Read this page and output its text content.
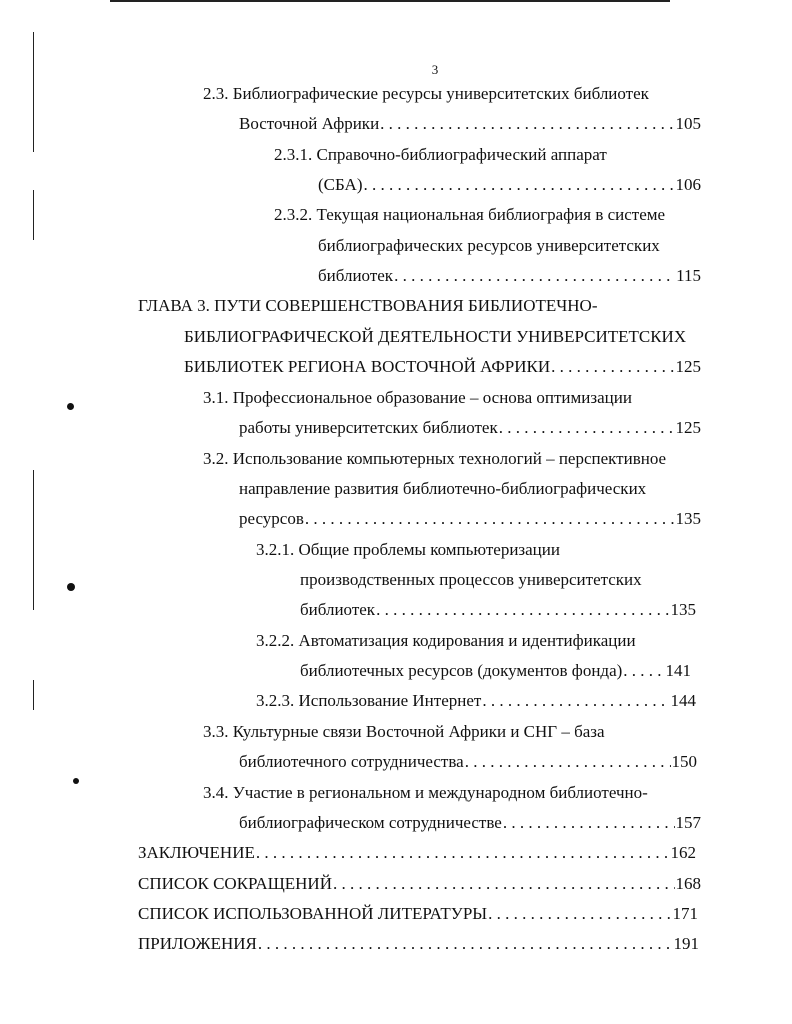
3
2.3. Библиографические ресурсы университетских библиотек
Восточной Африки . . .	105
2.3.1. Справочно-библиографический аппарат
(СБА) . . .	106
2.3.2. Текущая национальная библиография в системе
библиографических ресурсов университетских
библиотек . . .	115
ГЛАВА 3. ПУТИ СОВЕРШЕНСТВОВАНИЯ БИБЛИОТЕЧНО-
БИБЛИОГРАФИЧЕСКОЙ ДЕЯТЕЛЬНОСТИ УНИВЕРСИТЕТСКИХ
БИБЛИОТЕК РЕГИОНА ВОСТОЧНОЙ АФРИКИ . . .	125
3.1. Профессиональное образование – основа оптимизации
работы университетских библиотек . . .	125
3.2. Использование компьютерных технологий – перспективное
направление развития библиотечно-библиографических
ресурсов . . .	135
3.2.1. Общие проблемы компьютеризации
производственных процессов университетских
библиотек . . .	135
3.2.2. Автоматизация кодирования и идентификации
библиотечных ресурсов (документов фонда) . . .	141
3.2.3. Использование Интернет . . .	144
3.3. Культурные связи Восточной Африки и СНГ – база
библиотечного сотрудничества . . .	150
3.4. Участие в региональном и международном библиотечно-
библиографическом сотрудничестве . . .	157
ЗАКЛЮЧЕНИЕ . . .	162
СПИСОК СОКРАЩЕНИЙ . . .	168
СПИСОК ИСПОЛЬЗОВАННОЙ ЛИТЕРАТУРЫ . . .	171
ПРИЛОЖЕНИЯ . . .	191
